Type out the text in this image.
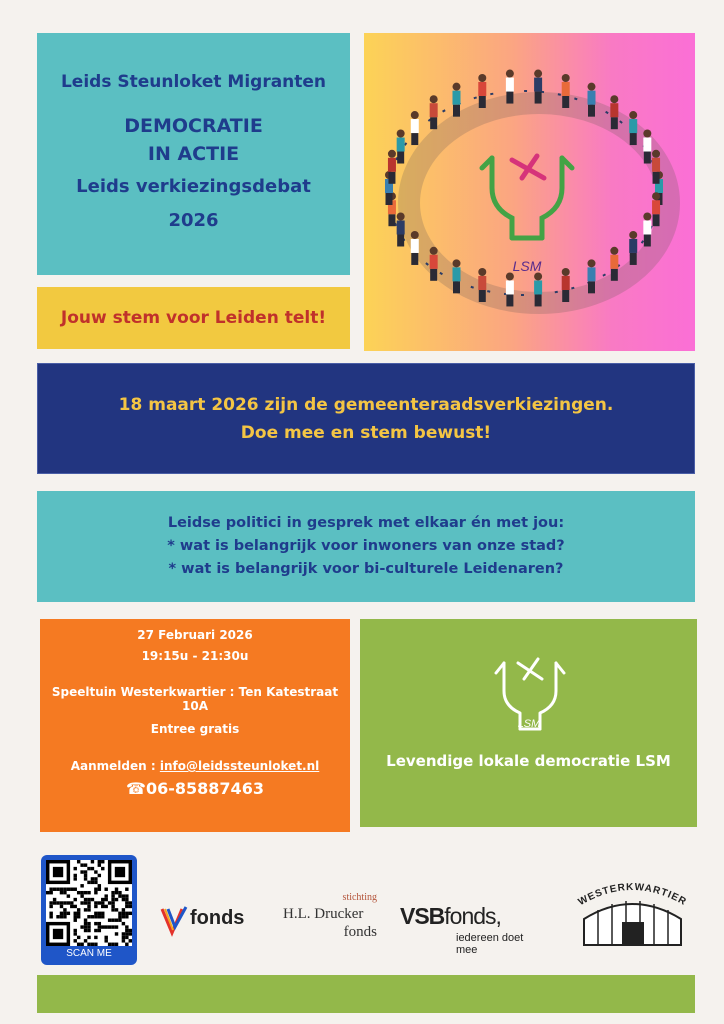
Leids Steunloket Migranten
DEMOCRATIE
IN ACTIE
Leids verkiezingsdebat
2026
Jouw stem voor Leiden telt!
LSM
18 maart 2026 zijn de gemeenteraadsverkiezingen.
Doe mee en stem bewust!
Leidse politici in gesprek met elkaar én met jou:
* wat is belangrijk voor inwoners van onze stad?
* wat is belangrijk voor bi-culturele Leidenaren?
27 Februari 2026
19:15u - 21:30u
Speeltuin Westerkwartier : Ten Katestraat 10A
Entree gratis
Aanmelden : info@leidssteunloket.nl
☎06-85887463
LSM
Levendige lokale democratie LSM
SCAN ME
fonds
stichting
H.L. Drucker
fonds
VSBfonds,
iedereen doet mee
WESTERKWARTIER
